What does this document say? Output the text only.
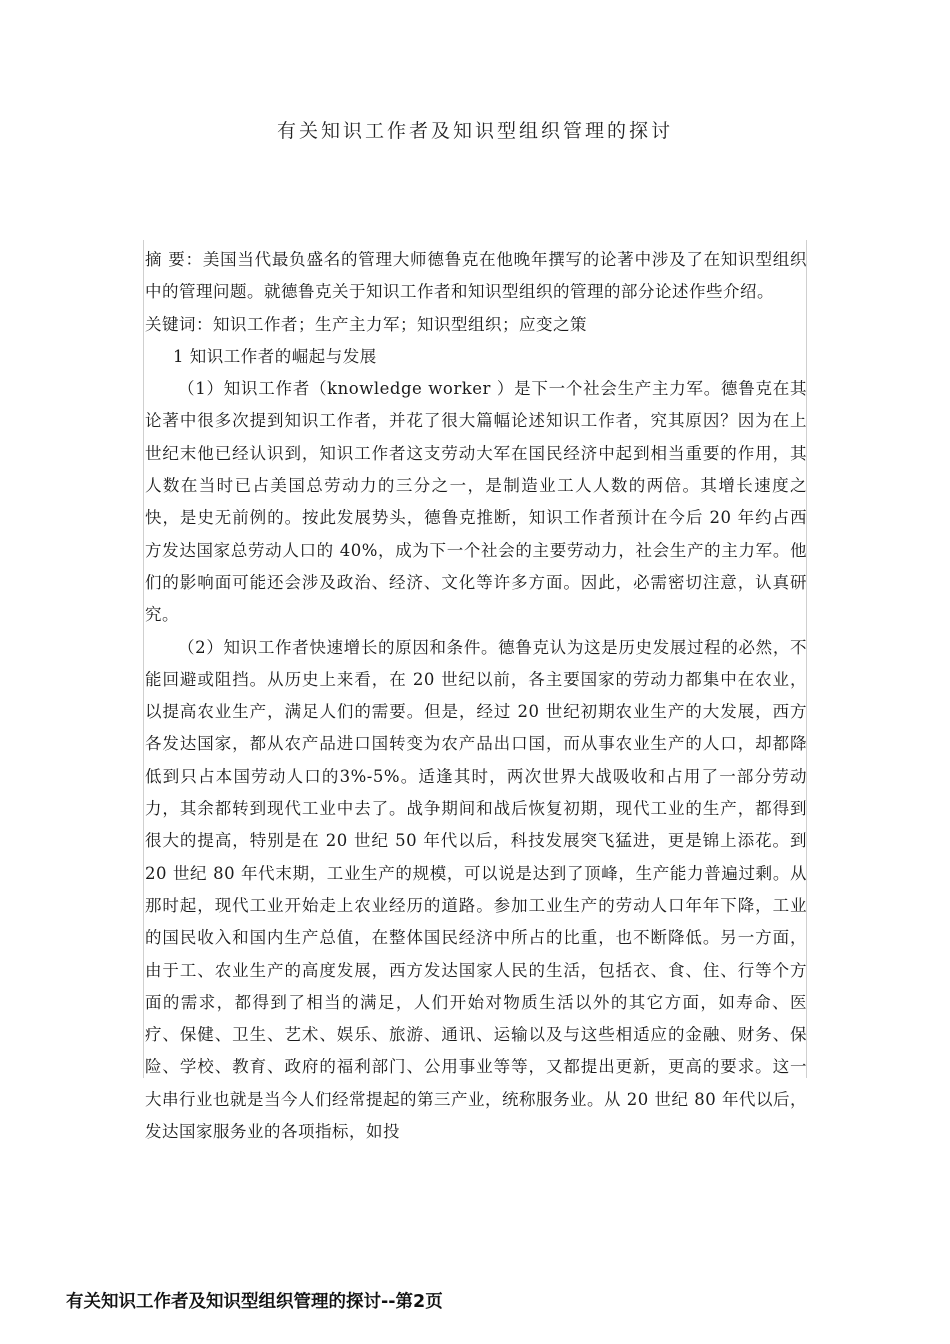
有关知识工作者及知识型组织管理的探讨

摘 要：美国当代最负盛名的管理大师德鲁克在他晚年撰写的论著中涉及了在知识型组织中的管理问题。就德鲁克关于知识工作者和知识型组织的管理的部分论述作些介绍。

关键词：知识工作者；生产主力军；知识型组织；应变之策

1 知识工作者的崛起与发展

（1）知识工作者（knowledge worker ）是下一个社会生产主力军。德鲁克在其论著中很多次提到知识工作者，并花了很大篇幅论述知识工作者，究其原因？因为在上世纪末他已经认识到，知识工作者这支劳动大军在国民经济中起到相当重要的作用，其人数在当时已占美国总劳动力的三分之一，是制造业工人人数的两倍。其增长速度之快，是史无前例的。按此发展势头，德鲁克推断，知识工作者预计在今后 20 年约占西方发达国家总劳动人口的 40%，成为下一个社会的主要劳动力，社会生产的主力军。他们的影响面可能还会涉及政治、经济、文化等许多方面。因此，必需密切注意，认真研究。

（2）知识工作者快速增长的原因和条件。德鲁克认为这是历史发展过程的必然，不能回避或阻挡。从历史上来看，在 20 世纪以前，各主要国家的劳动力都集中在农业，以提高农业生产，满足人们的需要。但是，经过 20 世纪初期农业生产的大发展，西方各发达国家，都从农产品进口国转变为农产品出口国，而从事农业生产的人口，却都降低到只占本国劳动人口的3%-5%。适逢其时，两次世界大战吸收和占用了一部分劳动力，其余都转到现代工业中去了。战争期间和战后恢复初期，现代工业的生产，都得到很大的提高，特别是在 20 世纪 50 年代以后，科技发展突飞猛进，更是锦上添花。到 20 世纪 80 年代末期，工业生产的规模，可以说是达到了顶峰，生产能力普遍过剩。从那时起，现代工业开始走上农业经历的道路。参加工业生产的劳动人口年年下降，工业的国民收入和国内生产总值，在整体国民经济中所占的比重，也不断降低。另一方面，由于工、农业生产的高度发展，西方发达国家人民的生活，包括衣、食、住、行等个方面的需求，都得到了相当的满足，人们开始对物质生活以外的其它方面，如寿命、医疗、保健、卫生、艺术、娱乐、旅游、通讯、运输以及与这些相适应的金融、财务、保险、学校、教育、政府的福利部门、公用事业等等，又都提出更新，更高的要求。这一大串行业也就是当今人们经常提起的第三产业，统称服务业。从 20 世纪 80 年代以后，发达国家服务业的各项指标，如投

有关知识工作者及知识型组织管理的探讨--第2页
